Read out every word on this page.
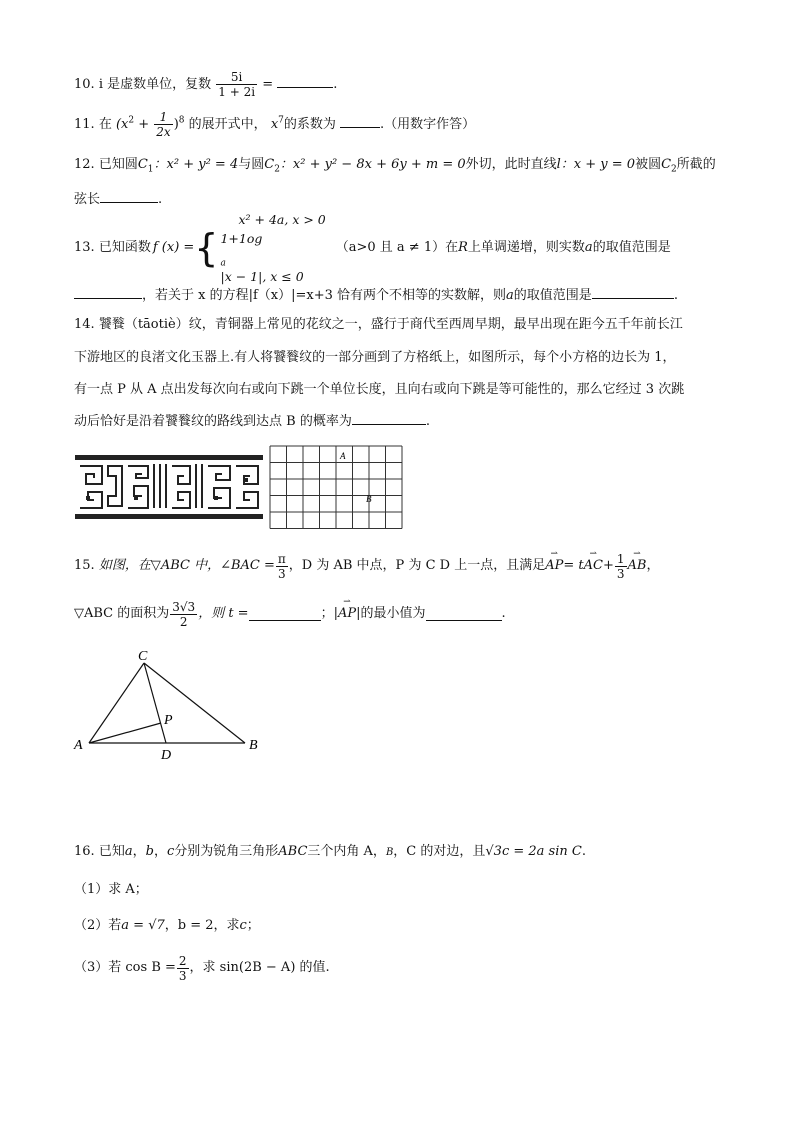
10. i 是虚数单位，复数 $\frac{5i}{1 + 2i}$ =	.
11. 在 $(x^2 + \frac{1}{2x} )^8$ 的展开式中， $x^7$的系数为	.（用数字作答）
12. 已知圆$C_1$：x² + y² = 4与圆$C_2$：x² + y² − 8x + 6y + m = 0外切，此时直线l：x + y = 0被圆$C_2$所截的
弦长	.
13.
已知函数 f (x) = {
x² + 4a, x > 0
1+1og
$_a$
|x − 1|, x ≤ 0
（a>0 且 a ≠ 1）在 R 上单调递增，则实数 a 的取值范围是
，若关于 x 的方程|f（x）|=x+3 恰有两个不相等的实数解，则a的取值范围是	.
14. 饕餮（tāotiè）纹，青铜器上常见的花纹之一，盛行于商代至西周早期，最早出现在距今五千年前长江
下游地区的良渚文化玉器上.有人将饕餮纹的一部分画到了方格纸上，如图所示，每个小方格的边长为 1，
有一点 P 从 A 点出发每次向右或向下跳一个单位长度，且向右或向下跳是等可能性的，那么它经过 3 次跳
动后恰好是沿着饕餮纹的路线到达点 B 的概率为	.
A
B
15.
如图，在▽ABC 中，∠BAC = $\frac{\pi}{3}$ ，D 为 AB 中点，P 为 C D 上一点，且满足 ⇀ AP = t ⇀ AC + $\frac{1}{3}$ ⇀ AB ，
▽ABC 的面积为 $\frac{3√3}{2}$ ，则 t =	；| ⇀ AP |的最小值为	.
C
P
A
D
B
16. 已知a，b，c分别为锐角三角形ABC三个内角 A，B，C 的对边，且√3c = 2a sin C.
（1）求 A；
（2）若a = √7，b = 2，求c；
（3）若 $\cos B = \frac{2}{3}$ ，求 sin(2B − A) 的值.
